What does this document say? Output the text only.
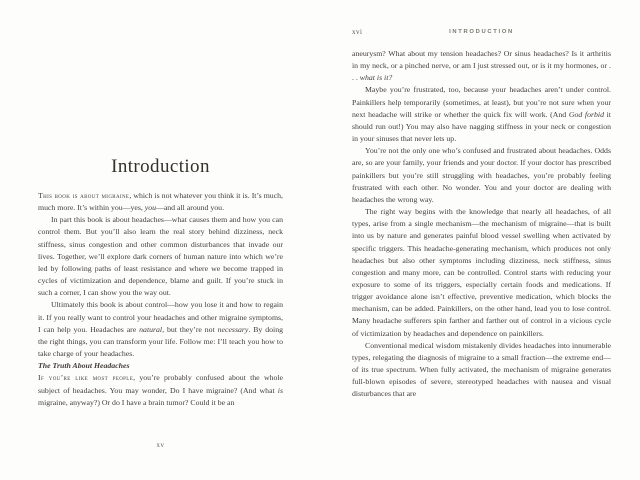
Introduction

This book is about migraine, which is not whatever you think it is. It’s much, much more. It’s within you—yes, you—and all around you.

In part this book is about headaches—what causes them and how you can control them. But you’ll also learn the real story behind dizziness, neck stiffness, sinus congestion and other common disturbances that invade our lives. Together, we’ll explore dark corners of human nature into which we’re led by following paths of least resistance and where we become trapped in cycles of victimization and dependence, blame and guilt. If you’re stuck in such a corner, I can show you the way out.

Ultimately this book is about control—how you lose it and how to regain it. If you really want to control your headaches and other migraine symptoms, I can help you. Headaches are natural, but they’re not necessary. By doing the right things, you can transform your life. Follow me: I’ll teach you how to take charge of your headaches.

The Truth About Headaches

If you’re like most people, you’re probably confused about the whole subject of headaches. You may wonder, Do I have migraine? (And what is migraine, anyway?) Or do I have a brain tumor? Could it be an

xv
xvi	INTRODUCTION

aneurysm? What about my tension headaches? Or sinus headaches? Is it arthritis in my neck, or a pinched nerve, or am I just stressed out, or is it my hormones, or . . . what is it?

Maybe you’re frustrated, too, because your headaches aren’t under control. Painkillers help temporarily (sometimes, at least), but you’re not sure when your next headache will strike or whether the quick fix will work. (And God forbid it should run out!) You may also have nagging stiffness in your neck or congestion in your sinuses that never lets up.

You’re not the only one who’s confused and frustrated about headaches. Odds are, so are your family, your friends and your doctor. If your doctor has prescribed painkillers but you’re still struggling with headaches, you’re probably feeling frustrated with each other. No wonder. You and your doctor are dealing with headaches the wrong way.

The right way begins with the knowledge that nearly all headaches, of all types, arise from a single mechanism—the mechanism of migraine—that is built into us by nature and generates painful blood vessel swelling when activated by specific triggers. This headache-generating mechanism, which produces not only headaches but also other symptoms including dizziness, neck stiffness, sinus congestion and many more, can be controlled. Control starts with reducing your exposure to some of its triggers, especially certain foods and medications. If trigger avoidance alone isn’t effective, preventive medication, which blocks the mechanism, can be added. Painkillers, on the other hand, lead you to lose control. Many headache sufferers spin farther and farther out of control in a vicious cycle of victimization by headaches and dependence on painkillers.

Conventional medical wisdom mistakenly divides headaches into innumerable types, relegating the diagnosis of migraine to a small fraction—the extreme end—of its true spectrum. When fully activated, the mechanism of migraine generates full-blown episodes of severe, stereotyped headaches with nausea and visual disturbances that are
